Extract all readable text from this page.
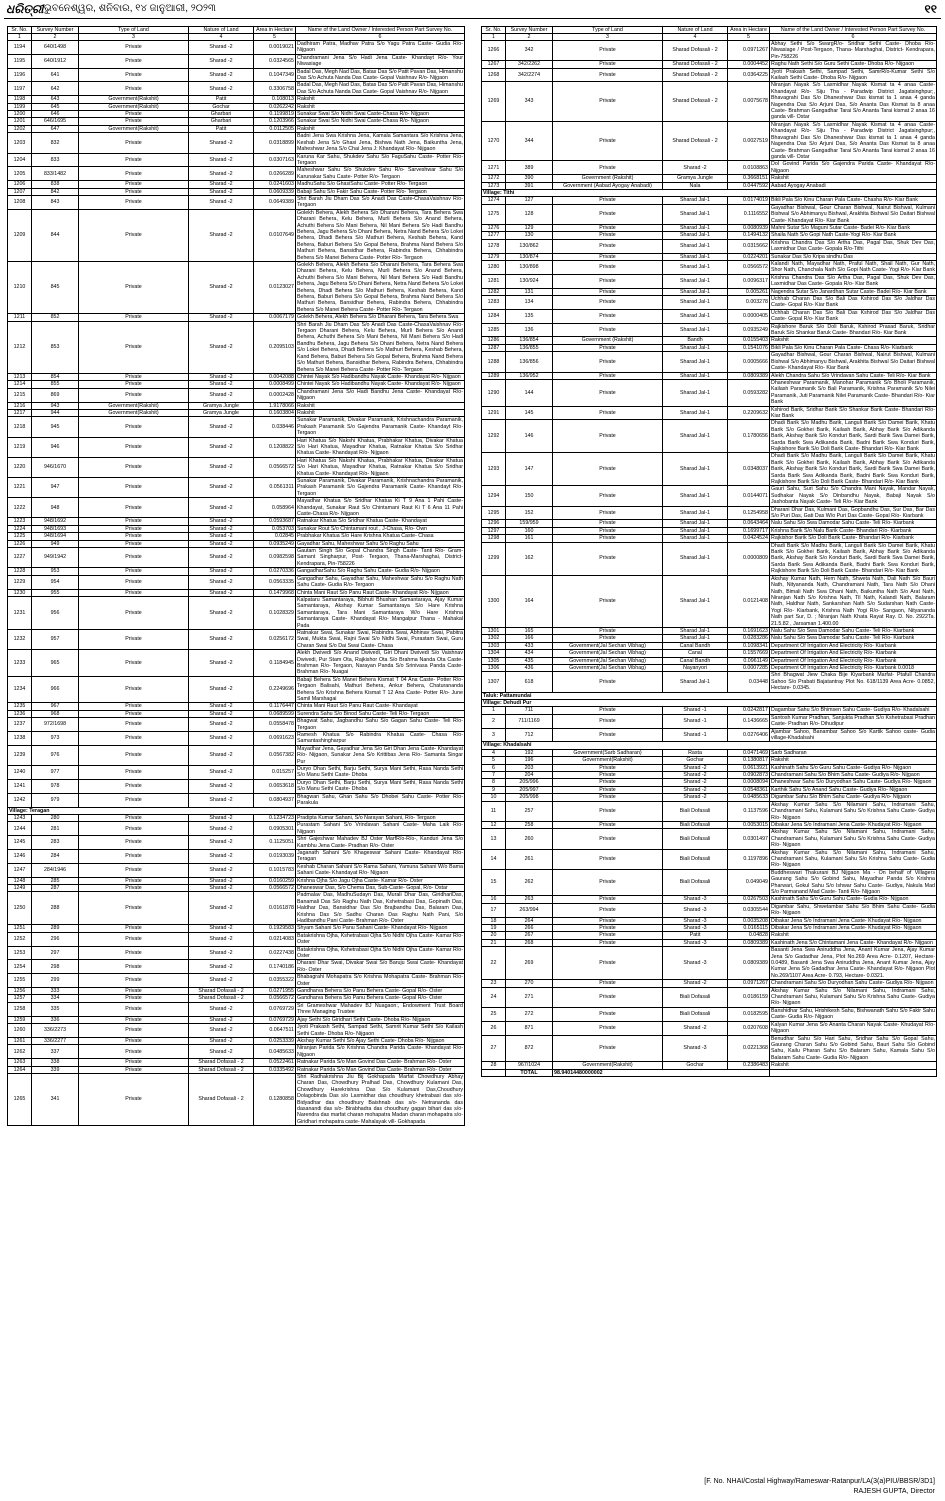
ଧରିତ୍ରୀ ଭୁବନେଶ୍ୱର, ଶନିବାର, ୧୪ ଜାନୁଆରୀ, ୨୦୨୩	୧୧
Sr. No.	Survey Number	Type of Land	Nature of Land	Area in Hectare	Name of the Land Owner / Interested Person Part Survey No.
1	2	3	4	5	6
1194	640/1498	Private	Sharad -2	0.0019021	Dadhiram Patra, Madhav Patra S/o Yagu Patra Caste- Gudia R/o- Nijgaon
1195	640/1912	Private	Sharad -2	0.0324565	Chandramani Jena S/o Hadi Jena Caste- Khandayt R/o- Your Niwasiage
1196	641	Private	Sharad -2	0.1047349	Badal Das, Megh Nad Das, Batas Das S/o Patit Pavan Das, Himanshu Das S/o Achuta Nanda Das Caste- Gopal Vaishnav R/o- Nijgaon
1197	642	Private	Sharad -2	0.3306758	Badal Das, Megh Nad Das, Batas Das S/o Patit Pavan Das, Himanshu Das S/o Achuta Nanda Das Caste- Gopal Vaishnav R/o- Nijgaon
1198	643	Government(Rakshit)	Patit	0.108013	Rakshit
1199	645	Government(Rakshit)	Gochar	0.0262242	Rakshit
1200	646	Private	Gharbari	0.1199819	Sunakar Swai S/o Nidhi Swai Caste-Chasa R/o- Nijgaon
1201	646/1695	Private	Gharbari	0.1203966	Sunakar Swai S/o Nidhi Swai Caste-Chasa R/o- Nijgaon
1202	647	Government(Rakshit)	Patit	0.0112505	Rakshit
1203	832	Private	Sharad -2	0.0318899	Badni Jena Swa Krishna Jena, Kamala Samantara S/o Krishna Jena, Keshab Jena S/o Ghasi Jena, Bishwa Nath Jena, Baikuntha Jena, Maheshwar Jena S/o Chai Jena J: Khandayat R/o- Nijgaon
1204	833	Private	Sharad -2	0.0307163	Karuna Kar Sahu, Shukdev Sahu S/o FaguSahu Caste- Potter R/o- Tergaon
1205	833/1482	Private	Sharad -2	0.0266289	Maheshwar Sahu S/o Shukdev Sahu R/o- Sarveshwar Sahu S/o Karunakar Sahu Caste- Potter R/o- Tergaon
1206	838	Private	Sharad -2	0.0241603	MadhuSahu S/o GhasiSahu Caste- Potter R/o- Tergaon
1207	842	Private	Sharad -2	0.0609339	Babaji Sahu S/o Fakir Sahu Caste- Potter R/o- Tergaon
1208	843	Private	Sharad -2	0.0649389	Shri Barah Jiu Dham Das S/o Anadi Das Caste-ChasaVaishnav R/o- Tergaon
1209	844	Private	Sharad -2	0.0107649	Golekh Behera, Alekh Behera S/o Dharani Behera, Tara Behera Swa Dharani Behera, Kelu Behera, Murli Behera S/o Anand Behera, Achuthi Behera S/o Mani Behera, Nil Mani Behera S/o Hadi Bandhu Behera, Jagu Behera S/o Dhani Behera, Netra Nand Behera S/o Lokei Behera, Dhadi Behera S/o Mathuri Behera, Keshab Behera, Kand Behera, Baburi Behera S/o Gopal Behera, Brahma Nand Behera S/o Mathuri Behera, Bansidhar Behera, Rabindra Behera, Chhabindra Behera S/o Manei Behera Caste- Potter R/o- Tergaon
1210	845	Private	Sharad -2	0.0123027	Golekh Behera, Alekh Behera S/o Dharani Behera, Tara Behera Swa Dharani Behera, Kelu Behera, Murli Behera S/o Anand Behera, Achuthi Behera S/o Mani Behera, Nil Mani Behera S/o Hadi Bandhu Behera, Jagu Behera S/o Dhani Behera, Netra Nand Behera S/o Lokei Behera, Dhadi Behera S/o Mathuri Behera, Keshab Behera, Kand Behera, Baburi Behera S/o Gopal Behera, Brahma Nand Behera S/o Mathuri Behera, Bansidhar Behera, Rabindra Behera, Chhabindra Behera S/o Manei Behera Caste- Potter R/o- Tergaon
1211	852	Private	Sharad -2	0.0067179	Golekh Behera, Alekh Behera S/o Dharani Behera, Tara Behera Swa
1212	853	Private	Sharad -2	0.2095103	Shri Barah Jiu Dham Das S/o Anadi Das Caste-ChasaVaishnav R/o- Tergaon Dharani Behera, Kelu Behera, Murli Behera S/o Anand Behera, Achuthi Behera S/o Mani Behera, Nil Mani Behera S/o Hadi Bandhu Behera, Jagu Behera S/o Dhani Behera, Netra Nand Behera S/o Lokei Behera, Dhadi Behera S/o Mathuri Behera, Keshab Behera, Kand Behera, Baburi Behera S/o Gopal Behera, Brahma Nand Behera S/o Mathuri Behera, Bansidhar Behera, Rabindra Behera, Chhabindra Behera S/o Manei Behera Caste- Potter R/o- Tergaon
1213	854	Private	Sharad -2	0.0042088	Chintei Nayak S/o Hadibandhu Nayak Caste- Khandayat R/o- Nijgaon
1214	855	Private	Sharad -2	0.0008499	Chintei Nayak S/o Hadibandhu Nayak Caste- Khandayat R/o- Nijgaon
1215	869	Private	Sharad -2	0.0002428	Chandramani Jena S/o Hadi Bandhu Jena Caste- Khandayat R/o- Nijgaon
1216	943	Government(Rakshit)	Gramya Jungle	1.9178066	Rakshit
1217	944	Government(Rakshit)	Gramya Jungle	0.1603804	Rakshit
1218	945	Private	Sharad -2	0.038446	Sunakar Paramanik, Divakar Paramanik, Krishnachandra Paramanik, Prakash Paramanik S/o Gajendra Paramanik Caste- Khandayt R/o- Tergaon
1219	946	Private	Sharad -2	0.1208822	Hari Khatua S/o Nakshi Khatua, Prabhakar Khatua, Divakar Khatua S/o Hari Khatua, Mayadhar Khatua, Ratnakar Khatua S/o Sridhar Khatua Caste- Khandayat R/o- Nijgaon
1220	946/1670	Private	Sharad -2	0.0566572	Hari Khatua S/o Nakshi Khatua, Prabhakar Khatua, Divakar Khatua S/o Hari Khatua, Mayadhar Khatua, Ratnakar Khatua S/o Sridhar Khatua Caste- Khandayat R/o- Nijgaon
1221	947	Private	Sharad -2	0.0561311	Sunakar Paramanik, Divakar Paramanik, Krishnachandra Paramanik, Prakash Paramanik S/o Gajendra Paramanik Caste- Khandayt R/o- Tergaon
1222	948	Private	Sharad -2	0.058964	Mayadhar Khatua S/o Sridhar Khatua Ki T 9 Ana 1 Pahi Caste- Khandayat, Sunakar Raut S/o Chintamani Raut Ki T 6 Ana 11 Pahi Caste-Chasa R/o- Nijgaon
1223	948/1692	Private	Sharad -2	0.0593687	Ratnakar Khatua S/o Sridhar Khatua Caste- Khandayat
1224	948/1693	Private	Sharad -2	0.053703	Sunakar Rout S/o Chintamani rout , J-Chasa, R/o- Own
1225	948/1694	Private	Sharad -2	0.02845	Prabhakar Khatua S/o Hare Krishna Khatua Caste- Chasa
1226	949	Private	Sharad -2	0.0935249	Gayadhar Sahu, Maheshwar Sahu S/o Raghu Sahu
1227	949/1942	Private	Sharad -2	0.0982598	Gautam Singh S/o Gopal Chandra Singh Caste- Tanti R/o- Gram- Samant Singharpur, Post- Tergaon, Thana-Marshaghai, District- Kendrapara, Pin-758226
1228	953	Private	Sharad -2	0.0270336	GangadharSahu S/o Raghu Sahu Caste- Gudia R/o- Nijgaon
1229	954	Private	Sharad -2	0.0563335	Gangadhar Sahu, Gayadhar Sahu, Maheshwar Sahu S/o Raghu Nath Sahu Caste- Gudia R/o- Tergaon
1230	955	Private	Sharad -2	0.1479968	Chinta Mani Raut S/o Panu Raut Caste- Khandayat R/o- Nijgaon
1231	956	Private	Sharad -2	0.1028329	Kalpataru Samantaraya, Bibhuti Bhushan Samantaraya, Ajay Kumar Samantaraya, Akshay Kumar Samantaraya S/o Hare Krishna Samantaraya, Tara Mani Samantaraya W/o Hare Krishna Samantaraya Caste- Khandayat R/o- Mangalpur Thana - Mahakal Pada
1232	957	Private	Sharad -2	0.0256172	Ratnakar Swai, Sunakar Swai, Rabindra Swai, Abhinav Swai, Pabitra Swai, Mukta Swai, Rajni Swai S/o Nidhi Swai, Purastam Swai, Guru Charan Swai S/o Dai Swai Caste- Chasa
1233	965	Private	Sharad -2	0.1184945	Alekh Dwivedi S/o Anand Dwivedi, Giri Dhani Dwivedi S/o Vaishnav Dwivedi, Pur Stam Ota, Rajkishor Ota S/o Brahma Nanda Ota Caste- Brahman R/o- Tergaon, Narayan Panda S/o Srinivasa Panda Caste- Brahman R/o- Nuagai
1234	966	Private	Sharad -2	0.2249696	Babaji Behera S/o Manei Behera Kismat T 04 Ana Caste- Potter R/o- Tergaon Balisahi, Mathuri Behera, Ankur Behera, Chaturananda Behera S/o Krishna Behera Kismat T 12 Ana Caste- Potter R/o- June Samil Marshagai
1235	967	Private	Sharad -2	0.1176447	Chinta Mani Raut S/o Panu Raut Caste- Khandayat
1236	968	Private	Sharad -2	0.0689599	Surendra Sahu S/o Binod Sahu Caste- Teli R/o- Tergaon
1237	972/1698	Private	Sharad -2	0.0558478	Bhagwat Sahu, Jagbandhu Sahu S/o Gagan Sahu Caste- Teli R/o- Tergaon
1238	973	Private	Sharad -2	0.0691623	Ramesh Khatua S/o Rabindra Khatua Caste- Chasa R/o- Samantashingharpur
1239	976	Private	Sharad -2	0.0567382	Mayadhar Jena, Gayadhar Jena S/o Giri Dhan Jena Caste- Khandayat R/o- Nijgaon, Sunakar Jena S/o Krittibas Jena R/o- Samanta Singar Pur
1240	977	Private	Sharad -2	0.015257	Duryo Dhan Sethi, Barju Sethi, Surya Mani Sethi, Rasa Nanda Sethi S/o Manu Sethi Caste- Dhoba
1241	978	Private	Sharad -2	0.0653618	Duryo Dhan Sethi, Barju Sethi, Surya Mani Sethi, Rasa Nanda Sethi S/o Manu Sethi Caste- Dhoba
1242	979	Private	Sharad -2	0.0804937	Bhagwan Sahu, Ghan Sahu S/o Dhobei Sahu Caste- Potter R/o- Parakula
Village: Teragan					
1243	280	Private	Sharad -2	0.1234723	Pradipta Kumar Sahani, S/o Narayan Sahani, R/o- Tergaon
1244	281	Private	Sharad -2	0.0905301	Purastam Sahani S/o Vrindavan Sahani Caste- Maha Laik R/o- Nijgaon
1245	283	Private	Sharad -2	0.1125051	Shri Gajeshwar Mahadev BJ Oster MarfR/o-R/o-, Kanduri Jena S/o Kambhu Jena Caste- Pradhan R/o- Oster
1246	284	Private	Sharad -2	0.0193039	Jaganath Sahani S/o Khageswar Sahani Caste- Khandayat R/o- Teragan
1247	284/1946	Private	Sharad -2	0.1015783	Keshab Charan Sahani S/o Rama Sahani, Yamuna Sahani W/o Bama Sahani Caste- Khandayat R/o- Nijgaon
1248	285	Private	Sharad -2	0.0160259	Krishna Ojha S/o Jagu Ojha Caste- Kamar R/o- Oster
1249	287	Private	Sharad -2	0.0566572	Dhaneswar Das, S/o Chema Das, Sub-Caste- Gopal, R/o- Ostar
1250	288	Private	Sharad -2	0.0161878	Padmalav Das, MadhuSudayn Das, Murali Dhar Das, GiridhariDas, Banamali Das S/o Raghu Nath Das, Kshetrabasi Das, Gopinath Das, Haldhar Das, Bansidhar Das S/o Brajbandhu Das, Balaram Das, Krishna Das S/o Sadhu Charan Das Raghu Nath Pani, S/o Hadibandhu Pani Caste- Brahman R/o- Oster
1251	289	Private	Sharad -2	0.1929583	Shyam Sahani S/o Panu Sahani Caste- Khandayat R/o- Nijgaon
1252	296	Private	Sharad -2	0.0214083	Batakrishna Ojha, Kshetrabasi Ojha S/o Nidhi Ojha Caste- Kamar R/o- Oster
1253	297	Private	Sharad -2	0.0227438	Batakrishna Ojha, Kshetrabasi Ojha S/o Nidhi Ojha Caste- Kamar R/o- Oster
1254	298	Private	Sharad -2	0.1740186	Dharani Dhar Swai, Divakar Swai S/o Baruju Swai Caste- Khandayat R/o- Oster
1255	299	Private	Sharad -2	0.0355322	Bhabagrahi Mohapatra S/o Krishna Mohapatra Caste- Brahman R/o- Oster
1256	333	Private	Sharad Dofasali - 2	0.0271955	Gandharva Behera S/o Panu Behera Caste- Gopal R/o- Oster
1257	334	Private	Sharad Dofasali - 2	0.0566572	Gandharva Behera S/o Panu Behera Caste- Gopal R/o- Oster
1258	335	Private	Sharad -2	0.0769729	Sri Grameshwar Mahadev BJ Nuagaon:, Endowment Trust Board Three Managing Trustee
1259	336	Private	Sharad -2	0.0769729	Ajay Sethi S/o Giridhari Sethi Caste- Dhoba R/o- Nijgaon
1260	336/2273	Private	Sharad -2	0.0647511	Jyoti Prakash Sethi, Sampad Sethi, Samrit Kumar Sethi S/o Kailash Sethi Caste- Dhoba R/o- Nijgaon
1261	336/2277	Private	Sharad -2	0.0253339	Akshay Kumar Sethi S/o Ajay Sethi Caste- Dhoba R/o- Nijgaon
1262	337	Private	Sharad -2	0.0485633	Niranjan Parida S/o Krishna Chandra Parida Caste- Khandayat R/o- Nijgaon
1263	338	Private	Sharad Dofasali - 2	0.0522461	Ratnakar Parida S/o Man Govind Das Caste- Brahman R/o- Oster
1264	339	Private	Sharad Dofasali - 2	0.0335492	Ratnakar Parida S/o Man Govind Das Caste- Brahman R/o- Oster
1265	341	Private	Sharad Dofasali - 2	0.1280858	Shri Radhakrishna Jiu Bij Gokhapada Marfat Chowdhury Abhay Charan Das, Chowdhury Pralhad Das, Chowdhury Kulamani Das, Chowdhury Harekrishna Das S/o Kulamani Das,Choudhury Dolagobinda Das s/o Laxmidhar das choudhury khetrabasi das s/o- Bidyadhar das choudhury Baishnab das s/o- Netrananda das dasanandi das s/o- Birabhadra das choudhury gagan bihari das s/o- Narendra das marfat charan mohapatra Madan charan mohapatra s/o- Giridhari mohapatra caste- Mahalayak vill- Gokhapada
Sr. No.	Survey Number	Type of Land	Nature of Land	Area in Hectare	Name of the Land Owner / Interested Person Part Survey No.
1	2	3	4	5	6
1266	342	Private	Sharad Dofasali - 2	0.0971267	Abhay Sethi S/o SwargR/o- Sridhar Sethi Caste- Dhoba R/o- Niwasiage / Post-Tergaon, Thana- Marshaghai, District- Kendrapara, Pin-758226
1267	342/2262	Private	Sharad Dofasali - 2	0.0004452	Raghu Nath Sethi S/o Guru Sethi Caste- Dhoba R/o- Nijgaon
1268	342/2274	Private	Sharad Dofasali - 2	0.0364225	Jyoti Prakash Sethi, Sampad Sethi, SamrR/o-Kumar Sethi S/o Kailash Sethi Caste- Dhoba R/o- Nijgaon
1269	343	Private	Sharad Dofasali - 2	0.0075678	Niranjan Nayak S/o Laxmidhar Nayak Kismat ta 4 anaa Caste- Khandayat R/o- Siju Tha - Paradwip District Jagatsinghpur;, Bhavagrahi Das S/o Dhaneshwar Das kismat ta 1 anaa 4 ganda Nagendra Das S/o Arjuni Das, S/o Ananta Das Kismat ta 8 anaa Caste- Brahman Gangadhar Tarai S/o Ananta Tarai kismat 2 anaa 16 ganda vill- Ostar
1270	344	Private	Sharad Dofasali - 2	0.0027519	Niranjan Nayak S/o Laxmidhar Nayak Kismat ta 4 anaa Caste- Khandayat R/o- Siju Tha - Paradwip District Jagatsinghpur;, Bhavagrahi Das S/o Dhaneshwar Das kismat ta 1 anaa 4 ganda Nagendra Das S/o Arjuni Das, S/o Ananta Das Kismat ta 8 anaa Caste- Brahman Gangadhar Tarai S/o Ananta Tarai kismat 2 anaa 16 ganda vill- Ostar
1271	389	Private	Sharad -2	0.0108863	Dol Govind Parida S/o Gajendra Parida Caste- Khandayat R/o- Nijgaon
1272	390	Government (Rakshit)	Gramya Jungle	0.3668151	Rakshit
1273	391	Government (Aabad Ayogay Anabadi)	Nala	0.0447592	Aabad Ayogay Anabadi
Village: Tithi					
1274	127	Private	Sharad Jal-1	0.0174019	Bikli Pala S/o Kinu Charan Pala Caste- Chasha R/o- Kiar Bank
1275	128	Private	Sharad Jal-1	0.1116552	Gayadhar Bishwal, Gour Charan Bishwal, Nairut Bishwal, Kulmani Bishwal S/o Abhimanyu Bishwal, Arakhita Bishwal S/o Daitari Bishwal Caste- Khandayat R/o- Kiar Bank
1276	129	Private	Sharad Jal-1	0.0080939	Mahni Sutar S/o Maguni Sutar Caste- Badei R/o- Kiar Bank
1277	130	Private	Sharad Jal-1	0.1494132	Shaila Nath S/o Gopi Nath Caste-Yogi R/o- Kiar Bank
1278	130/862	Private	Sharad Jal-1	0.0315662	Krishna Chandra Das S/o Artha Das, Pagal Das, Shuk Dev Das, Laxmidhar Das Caste- Gopala R/o-Tithi
1279	130/874	Private	Sharad Jal-1	0.0224201	Sunakar Das S/o Kripa sindhu Das
1280	130/898	Private	Sharad Jal-1	0.0566572	Kalandi Nath, Mayadhar Nath, Praful Nath, Shail Nath, Gur Nath, Shor Nath, Chanchala Nath S/o Gopi Nath Caste- Yogi R/o- Kiar Bank
1281	130/924	Private	Sharad Jal-1	0.0096317	Krishna Chandra Das S/o Artha Das, Pagal Das, Shuk Dev Das, Laxmidhar Das Caste- Gopala R/o- Kiar Bank
1282	131	Private	Sharad Jal-1	0.005261	Nagendra Sutar S/o Janardhan Sutar Caste- Badei R/o- Kiar Bank
1283	134	Private	Sharad Jal-1	0.003278	Uchhab Charan Das S/o Bali Das Kshirod Das S/o Jaldhar Das Caste- Gopal R/o- Kiar Bank
1284	135	Private	Sharad Jal-1	0.0000405	Uchhab Charan Das S/o Bali Das Kshirod Das S/o Jaldhar Das Caste- Gopal R/o- Kiar Bank
1285	136	Private	Sharad Jal-1	0.0935249	Rajkishore Baruk S/o Doli Baruk, Kshirod Prasad Baruk, Sridhar Baruk S/o Shankar Baruk Caste- Bhandari R/o- Kiar Bank
1286	136/854	Government (Rakshit)	Bandh	0.0155403	Rakshit
1287	136/855	Private	Sharad Jal-1	0.1541076	Bikli Pala S/o Kinu Charan Pala Caste- Chasa R/o- Kiarbank
1288	136/856	Private	Sharad Jal-1	0.0005666	Gayadhar Bishwal, Gour Charan Bishwal, Nairut Bishwal, Kulmani Bishwal S/o Abhimanyu Bishwal, Arakhita Bishwal S/o Daitari Bishwal Caste- Khandayat R/o- Kiar Bank
1289	136/952	Private	Sharad Jal-1	0.0809389	Alekh Chandra Sahu S/o Vrindavan Sahu Caste- Teli R/o- Kiar Bank
1290	144	Private	Sharad Jal-1	0.0593282	Dhaneshwar Paramanik, Manohar Paramanik S/o Bholi Paramanik, Kailash Paramanik S/o Bali Paramanik, Krishna Paramanik S/o Nilei Paramanik, Juti Paramanik Nilei Paramanik Caste- Bhandari R/o- Kiar Bank
1291	145	Private	Sharad Jal-1	0.2209632	Kshirod Barik, Sridhar Barik S/o Shankar Barik Caste- Bhandari R/o- Kiar Bank
1292	146	Private	Sharad Jal-1	0.1780656	Dhadi Barik S/o Madhu Barik, Languli Barik S/o Damei Barik, Khatu Barik S/o Gokhei Barik, Kailash Barik, Abhay Barik S/o Adikanda Barik, Akshay Barik S/o Konduri Barik, Sardi Barik Swa Damei Barik, Sarda Barik Swa Adikanda Barik, Badni Barik Swa Konduri Barik, Rajkishore Barik S/o Doli Barik Caste- Bhandari R/o- Kiar Bank
1293	147	Private	Sharad Jal-1	0.0348037	Dhadi Barik S/o Madhu Barik, Languli Barik S/o Damei Barik, Khatu Barik S/o Gokhei Barik, Kailash Barik, Abhay Barik S/o Adikanda Barik, Akshay Barik S/o Konduri Barik, Sardi Barik Swa Damei Barik, Sarda Barik Swa Adikanda Barik, Badni Barik Swa Konduri Barik, Rajkishore Barik S/o Doli Barik Caste- Bhandari R/o- Kiar Bank
1294	150	Private	Sharad Jal-1	0.0144071	Gauri Sahu, Suri Sahu S/o Chandra Mani Nayak, Mandar Nayak, Sudhakar Nayak S/o Dinbandhu Nayak, Babaji Nayak S/o Jashobanta Nayak Caste- Teli R/o- Kiar Bank
1295	152	Private	Sharad Jal-1	0.1254958	Dharani Dhar Das, Kulmani Das, Gopbandhu Das, Sur Das, Bar Das S/o Puri Das, Gati Das W/o Puri Das Caste- Gopal R/o- Kiarbank
1296	159/959	Private	Sharad Jal-1	0.0643464	Nalu Sahu S/o Swa Damodar Sahu Caste- Teli R/o- Kiarbank
1297	160	Private	Sharad Jal-1	0.1699717	Krishna Barik S/o Nalu Barik Caste- Bhandari R/o- Kiarbank
1298	161	Private	Sharad Jal-1	0.0424524	Rajkishor Barik S/o Doli Barik Caste- Bhandari R/o- Kiarbank
1299	162	Private	Sharad Jal-1	0.0000809	Dhadi Barik S/o Madhu Barik, Languli Barik S/o Damei Barik, Khatu Barik S/o Gokhei Barik, Kailash Barik, Abhay Barik S/o Adikanda Barik, Akshay Barik S/o Konduri Barik, Sardi Barik Swa Damei Barik, Sarda Barik Swa Adikanda Barik, Badni Barik Swa Konduri Barik, Rajkishore Barik S/o Doli Barik Caste- Bhandari R/o- Kiar Bank
1300	164	Private	Sharad Jal-1	0.0121408	Akshay Kumar Nath, Hem Nath, Shweta Nath, Dali Nath S/o Bauri Nath, Nityananda Nath, Chandramani Nath, Tara Nath S/o Dhani Nath, Bimali Nath Swa Dhani Nath, Baikuntha Nath S/o Arat Nath, Niranjan Nath S/o Krishna Nath, Til Nath, Kalandi Nath, Balaram Nath, Haldhar Nath, Sankarshan Nath S/o Sudarshan Nath Caste- Yogi R/o- Kiarbank, Krishna Nath Yogi R/o- Sangaon, Nityananda Nath part Sur, D. ; Niranjan Nath Khata Rayat Ray. D. No. 2922Ta. 21.5.82 , Jarsaman 1.400.00
1301	165	Private	Sharad Jal-1	0.1691623	Nalu Sahu S/o Swa Damodar Sahu Caste- Teli R/o- Kiarbank
1302	166	Private	Sharad Jal-1	0.0283286	Nalu Sahu S/o Swa Damodar Sahu Caste- Teli R/o- Kiarbank
1303	433	Government(Jal Sechan Vibhag)	Canal Bandh	0.1098341	Department Of Irrigation And Electricity R/o- Kiarbank
1304	434	Government(Jal Sechan Vibhag)	Canal	0.1557669	Department Of Irrigation And Electricity R/o- Kiarbank
1305	435	Government(Jal Sechan Vibhag)	Canal Bandh	0.0961149	Department Of Irrigation And Electricity R/o- Kiarbank
1306	436	Government(Jal Sechan Vibhag)	Nayanyori	0.0007285	Department Of Irrigation And Electricity R/o- Kiarbank 0.0018
1307	618	Private	Sharad Jal-1	0.03448	Shri Bhagwat Jiew Chaka Bije Kiyarbank Marfat- Ptafull Chandra Sahoo S/o Prabati Bajatantray Plot No. 618/1139 Area Acre- 0.0852, Hectare- 0.0345.
Taluk: Pattamundai					
Village: Dehudi Pur					
1	711	Private	Sharad -1	0.0242817	Dagambar Sahu S/o Bhimsen Sahu Caste- Gudiya R/o- Khadalsahi
2	711/1169	Private	Sharad -1	0.1436665	Santosh Kumar Pradhan, Sanjukta Pradhan S/o Kshetrabasi Pradhan Caste- Pradhan R/o- Dihudipur
3	712	Private	Sharad -1	0.0276406	Ajambar Sahoo, Banambar Sahoo S/o Kartik Sahoo caste- Gudia village-Khadalsahi
Village: Khadalsahi					
4	192	Government(Sarb Sadharan)	Rasta	0.0471469	Sarb Sadharan
5	196	Government(Rakshit)	Gochar	0.1380817	Rakshit
6	203	Private	Sharad -2	0.0613921	Kashinath Sahu S/o Guru Sahu Caste- Gudiya R/o- Nijgaon
7	204	Private	Sharad -2	0.0902873	Chandramani Sahu S/o Bhim Sahu Caste- Gudiya R/o- Nijgaon
8	205/996	Private	Sharad -2	0.0008094	Dhaneshwar Sahu S/o Duryodhan Sahu Caste- Gudiya R/o- Nijgaon
9	205/997	Private	Sharad -2	0.0548361	Karthik Sahu S/o Anand Sahu Caste- Gudiya R/o- Nijgaon
10	205/998	Private	Sharad -2	0.0485633	Digambar Sahu S/o Bhim Sahu Caste- Gudiya R/o- Nijgaon
11	257	Private	Biali Dofasali	0.1137596	Akshay Kumar Sahu S/o Nilamani Sahu, Indramani Sahu, Chandramani Sahu, Kulamani Sahu S/o Krishna Sahu Caste- Gudiya R/o- Nijgaon
12	258	Private	Biali Dofasali	0.0053015	Dibakar Jena S/o Indramani Jena Caste- Khudayat R/o- Nijgaon
13	260	Private	Biali Dofasali	0.0301497	Akshay Kumar Sahu S/o Nilamani Sahu, Indramani Sahu, Chandramani Sahu, Kulamani Sahu S/o Krishna Sahu Caste- Gudiya R/o- Nijgaon
14	261	Private	Biali Dofasali	0.1197896	Akshay Kumar Sahu S/o Nilamani Sahu, Indramani Sahu, Chandramani Sahu, Kulamani Sahu S/o Krishna Sahu Caste- Gudia R/o- Nijgaon
15	262	Private	Biali Dofasali	0.049049	Buddheswari Thakurani BJ Nijgaon Ma - On behalf of Villagers Gaurang Sahu S/o Gobind Sahu, Mayadhar Panda S/o Krishna Pharwari, Gokul Sahu S/o Ishwar Sahu Caste- Gudiya, Nakula Mad S/o Parmanand Mad Caste- Tanti R/o- Nijgaon
16	263	Private	Sharad -3	0.0267503	Kashinath Sahu S/o Guru Sahu Caste- Gudia R/o- Nijgaon
17	263/994	Private	Sharad -3	0.0305544	Digambar Sahu, Shwetambar Sahu S/o Bhim Sahu Caste- Gudia R/o- Nijgaon
18	264	Private	Sharad -3	0.0035208	Dibakar Jena S/o Indramani Jena Caste- Khudayat R/o- Nijgaon
19	266	Private	Sharad -3	0.0165115	Dibakar Jena S/o Indramani Jena Caste- Khudayat R/o- Nijgaon
20	267	Private	Patit	0.04828	Rakshit
21	268	Private	Sharad -3	0.0809389	Kashinath Jena S/o Chintamani Jena Caste- Khandayat R/o- Nijgaon
22	269	Private	Sharad -3	0.0809389	Basanti Jena Swa Aniruddha Jena, Anant Kumar Jena, Ajay Kumar Jena S/o Gadadhar Jena, Plot No.269 Area Acre- 0.1207, Hectare- 0.0489, Basanti Jena Swa Aniruddha Jena, Anant Kumar Jena, Ajay Kumar Jena S/o Gadadhar Jena Caste- Khandayat R/o- Nijgaon Plot No.269/1107 Area Acre- 0.793, Hectare- 0.0321.
23	270	Private	Sharad -2	0.0971267	Chandramani Sahu S/o Duryodhan Sahu Caste- Gudiya R/o- Nijgaon
24	271	Private	Biali Dofasali	0.0186159	Akshay Kumar Sahu S/o Nilamani Sahu, Indramani Sahu, Chandramani Sahu, Kulamani Sahu S/o Krishna Sahu Caste- Gudiya R/o- Nijgaon
25	272	Private	Biali Dofasali	0.0182595	Banshidhar Sahu, Hrishikesh Sahu, Bishwanath Sahu S/o Fakir Sahu Caste- Gudia R/o- Nijgaon
26	871	Private	Sharad -2	0.0207608	Kalyan Kumar Jena S/o Ananta Charan Nayak Caste- Khudayat R/o- Nijgaon
27	872	Private	Sharad -3	0.0221368	Benudhar Sahu S/o Hari Sahu, Sridhar Sahu S/o Gopal Sahu, Gaurang Charan Sahu S/o Gobind Sahu, Bauri Sahu S/o Gobind Sahu, Kailu Pharan Sahu S/o Balaram Sahu, Kamala Sahu S/o Balaram Sahu Caste- Gudia R/o- Nijgaon
28	967/1024	Government(Rakshit)	Gochar	0.2386483	Rakshit
	TOTAL	98.94014480000002			
[F. No. NHAI/Costal Highway/Rameswar-Ratanpur/LA(3(a)PIU/BBSR/3D1]
RAJESH GUPTA, Director
